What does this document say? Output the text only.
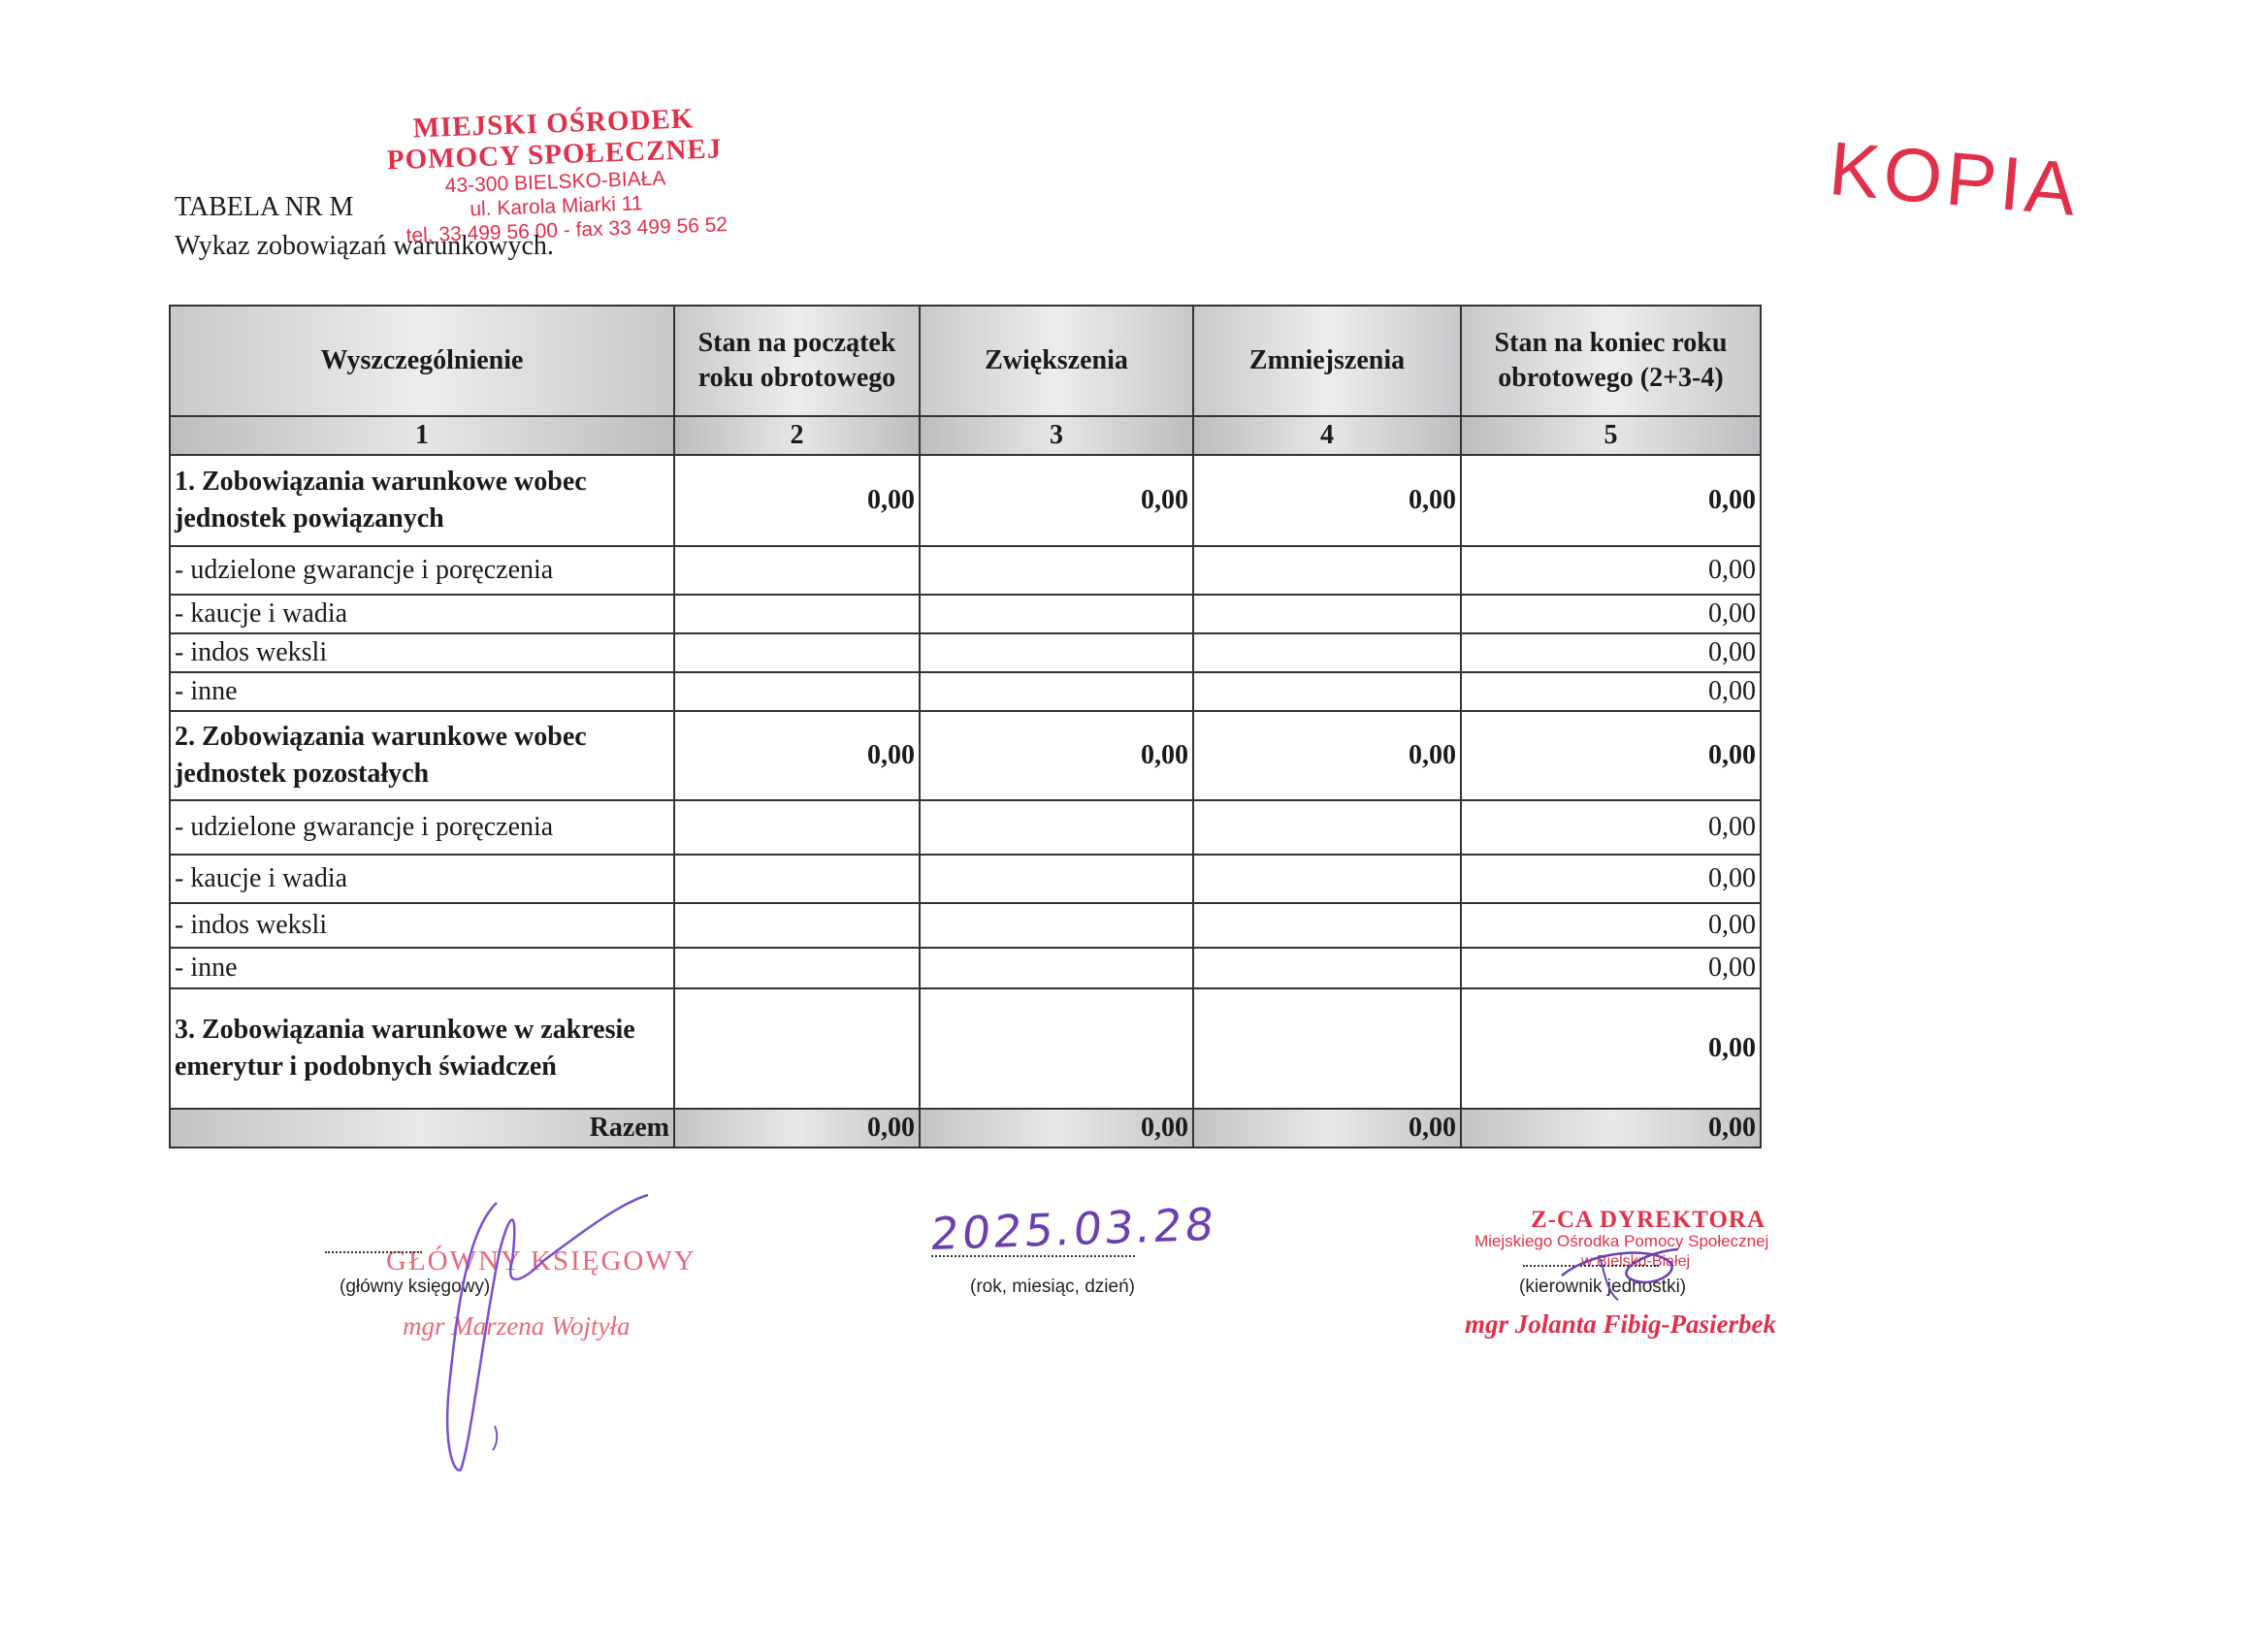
MIEJSKI OŚRODEK
POMOCY SPOŁECZNEJ
43-300 BIELSKO-BIAŁA
ul. Karola Miarki 11
tel. 33 499 56 00 - fax 33 499 56 52	KOPIA
TABELA NR M
Wykaz zobowiązań warunkowych.
Wyszczególnienie	Stan na początek roku obrotowego	Zwiększenia	Zmniejszenia	Stan na koniec roku obrotowego (2+3-4)
1	2	3	4	5
1. Zobowiązania warunkowe wobec jednostek powiązanych	0,00	0,00	0,00	0,00
- udzielone gwarancje i poręczenia				0,00
- kaucje i wadia				0,00
- indos weksli				0,00
- inne				0,00
2. Zobowiązania warunkowe wobec jednostek pozostałych	0,00	0,00	0,00	0,00
- udzielone gwarancje i poręczenia				0,00
- kaucje i wadia				0,00
- indos weksli				0,00
- inne				0,00
3. Zobowiązania warunkowe w zakresie emerytur i podobnych świadczeń				0,00
Razem	0,00	0,00	0,00	0,00
GŁÓWNY KSIĘGOWY
(główny księgowy)
mgr Marzena Wojtyła
2025.03.28
(rok, miesiąc, dzień)
Z-CA DYREKTORA
Miejskiego Ośrodka Pomocy Społecznej
w Bielsku-Białej
(kierownik jednostki)
mgr Jolanta Fibig-Pasierbek
